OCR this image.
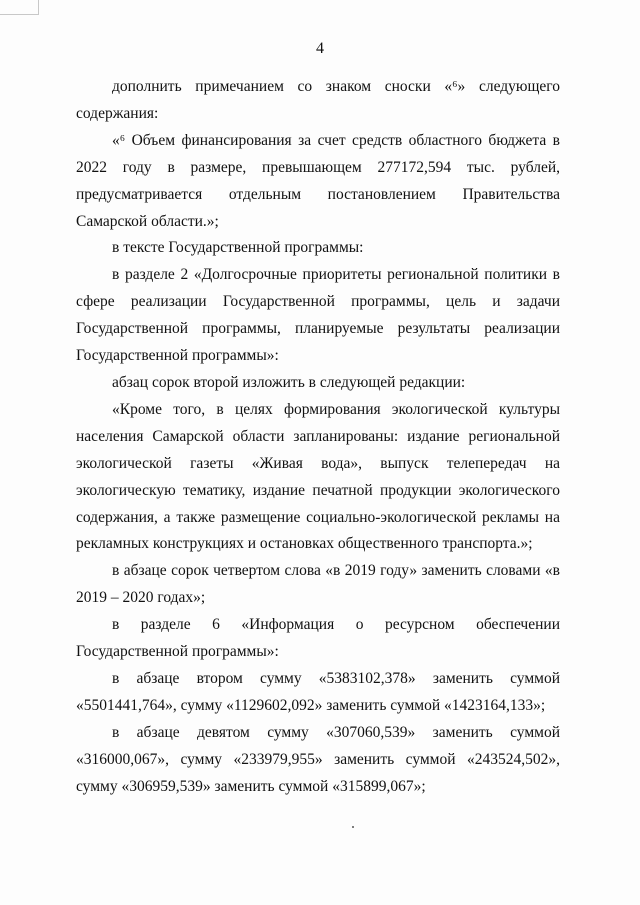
4

дополнить примечанием со знаком сноски «⁶» следующего содержания:

«⁶ Объем финансирования за счет средств областного бюджета в 2022 году в размере, превышающем 277172,594 тыс. рублей, предусматривается отдельным постановлением Правительства Самарской области.»;

в тексте Государственной программы:

в разделе 2 «Долгосрочные приоритеты региональной политики в сфере реализации Государственной программы, цель и задачи Государственной программы, планируемые результаты реализации Государственной программы»:

абзац сорок второй изложить в следующей редакции:

«Кроме того, в целях формирования экологической культуры населения Самарской области запланированы: издание региональной экологической газеты «Живая вода», выпуск телепередач на экологическую тематику, издание печатной продукции экологического содержания, а также размещение социально-экологической рекламы на рекламных конструкциях и остановках общественного транспорта.»;

в абзаце сорок четвертом слова «в 2019 году» заменить словами «в 2019 – 2020 годах»;

в разделе 6 «Информация о ресурсном обеспечении Государственной программы»:

в абзаце втором сумму «5383102,378» заменить суммой «5501441,764», сумму «1129602,092» заменить суммой «1423164,133»;

в абзаце девятом сумму «307060,539» заменить суммой «316000,067», сумму «233979,955» заменить суммой «243524,502», сумму «306959,539» заменить суммой «315899,067»;
